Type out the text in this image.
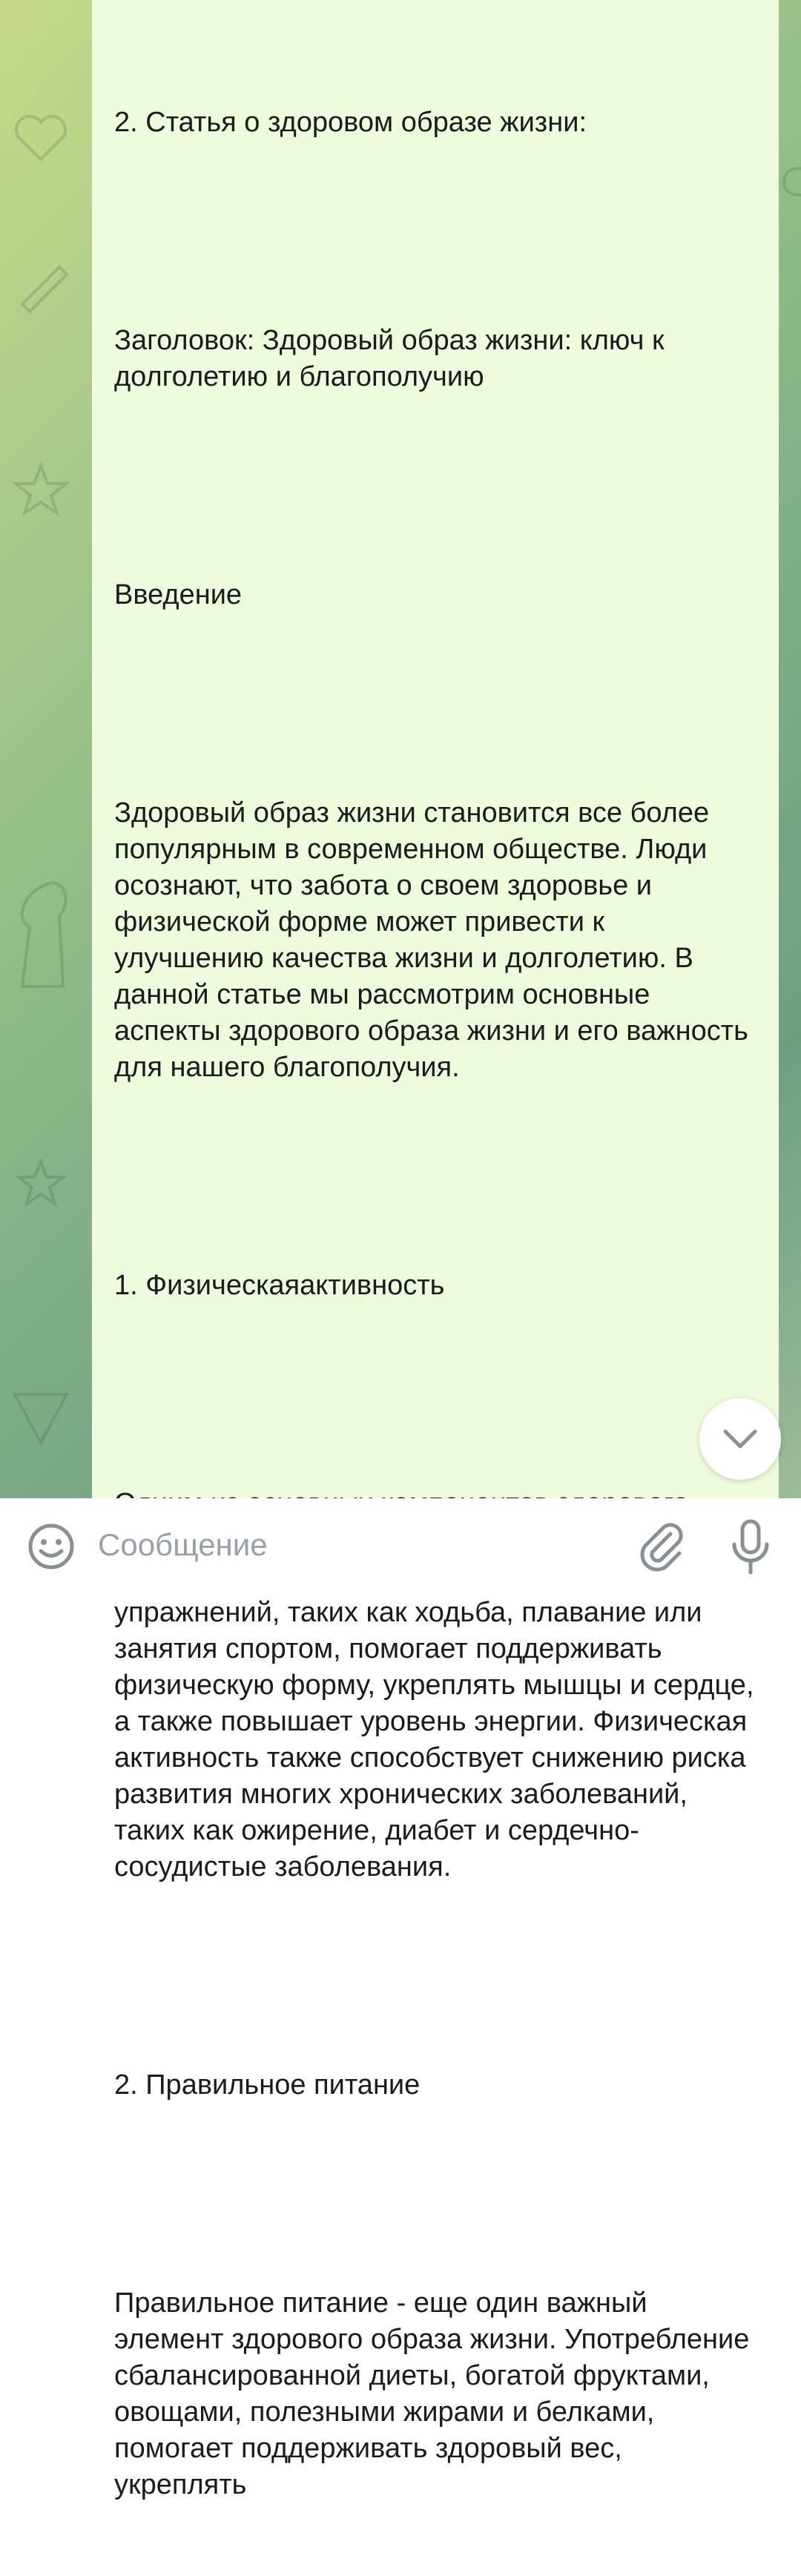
2. Статья о здоровом образе жизни:

Заголовок: Здоровый образ жизни: ключ к долголетию и благополучию

Введение

Здоровый образ жизни становится все более популярным в современном обществе. Люди осознают, что забота о своем здоровье и физической форме может привести к улучшению качества жизни и долголетию. В данной статье мы рассмотрим основные аспекты здорового образа жизни и его важность для нашего благополучия.

1. Физическаяактивность

упражнений, таких как ходьба, плавание или занятия спортом, помогает поддерживать физическую форму, укреплять мышцы и сердце, а также повышает уровень энергии. Физическая активность также способствует снижению риска развития многих хронических заболеваний, таких как ожирение, диабет и сердечно-сосудистые заболевания.

2. Правильное питание

Правильное питание - еще один важный элемент здорового образа жизни. Употребление сбалансированной диеты, богатой фруктами, овощами, полезными жирами и белками, помогает поддерживать здоровый вес, укреплять

Сообщение
